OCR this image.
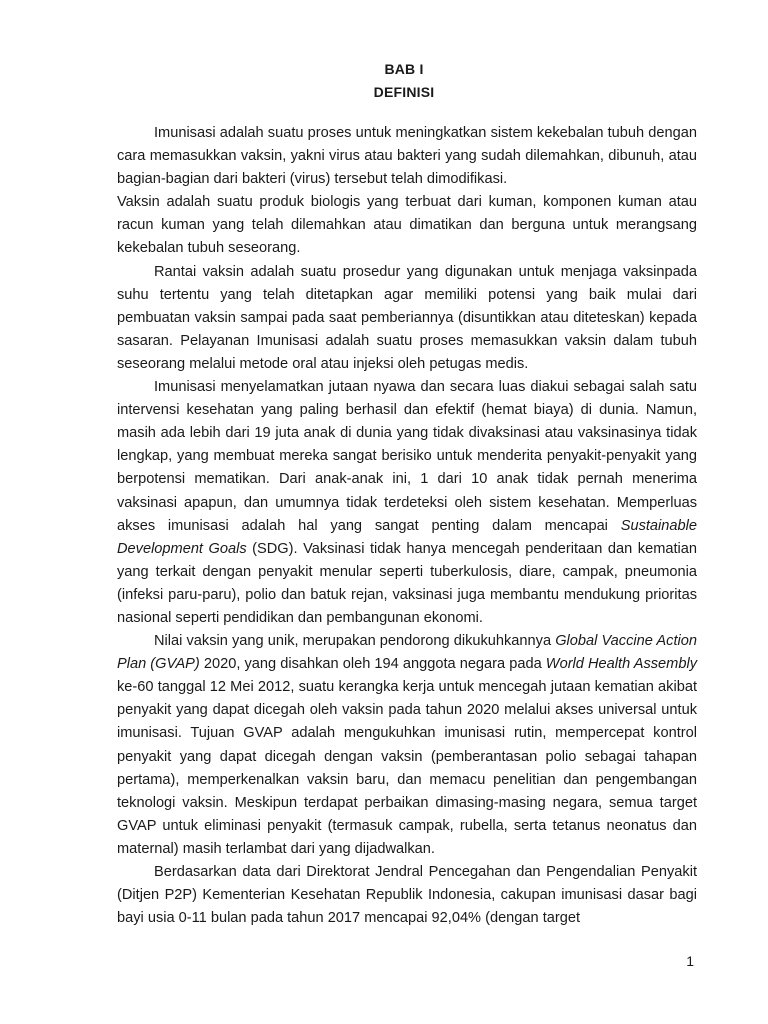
BAB I
DEFINISI

Imunisasi adalah suatu proses untuk meningkatkan sistem kekebalan tubuh dengan cara memasukkan vaksin, yakni virus atau bakteri yang sudah dilemahkan, dibunuh, atau bagian-bagian dari bakteri (virus) tersebut telah dimodifikasi.

Vaksin adalah suatu produk biologis yang terbuat dari kuman, komponen kuman atau racun kuman yang telah dilemahkan atau dimatikan dan berguna untuk merangsang kekebalan tubuh seseorang.

Rantai vaksin adalah suatu prosedur yang digunakan untuk menjaga vaksinpada suhu tertentu yang telah ditetapkan agar memiliki potensi yang baik mulai dari pembuatan vaksin sampai pada saat pemberiannya (disuntikkan atau diteteskan) kepada sasaran. Pelayanan Imunisasi adalah suatu proses memasukkan vaksin dalam tubuh seseorang melalui metode oral atau injeksi oleh petugas medis.

Imunisasi menyelamatkan jutaan nyawa dan secara luas diakui sebagai salah satu intervensi kesehatan yang paling berhasil dan efektif (hemat biaya) di dunia. Namun, masih ada lebih dari 19 juta anak di dunia yang tidak divaksinasi atau vaksinasinya tidak lengkap, yang membuat mereka sangat berisiko untuk menderita penyakit-penyakit yang berpotensi mematikan. Dari anak-anak ini, 1 dari 10 anak tidak pernah menerima vaksinasi apapun, dan umumnya tidak terdeteksi oleh sistem kesehatan. Memperluas akses imunisasi adalah hal yang sangat penting dalam mencapai Sustainable Development Goals (SDG). Vaksinasi tidak hanya mencegah penderitaan dan kematian yang terkait dengan penyakit menular seperti tuberkulosis, diare, campak, pneumonia (infeksi paru-paru), polio dan batuk rejan, vaksinasi juga membantu mendukung prioritas nasional seperti pendidikan dan pembangunan ekonomi.

Nilai vaksin yang unik, merupakan pendorong dikukuhkannya Global Vaccine Action Plan (GVAP) 2020, yang disahkan oleh 194 anggota negara pada World Health Assembly ke-60 tanggal 12 Mei 2012, suatu kerangka kerja untuk mencegah jutaan kematian akibat penyakit yang dapat dicegah oleh vaksin pada tahun 2020 melalui akses universal untuk imunisasi. Tujuan GVAP adalah mengukuhkan imunisasi rutin, mempercepat kontrol penyakit yang dapat dicegah dengan vaksin (pemberantasan polio sebagai tahapan pertama), memperkenalkan vaksin baru, dan memacu penelitian dan pengembangan teknologi vaksin. Meskipun terdapat perbaikan dimasing-masing negara, semua target GVAP untuk eliminasi penyakit (termasuk campak, rubella, serta tetanus neonatus dan maternal) masih terlambat dari yang dijadwalkan.

Berdasarkan data dari Direktorat Jendral Pencegahan dan Pengendalian Penyakit (Ditjen P2P) Kementerian Kesehatan Republik Indonesia, cakupan imunisasi dasar bagi bayi usia 0-11 bulan pada tahun 2017 mencapai 92,04% (dengan target

1
